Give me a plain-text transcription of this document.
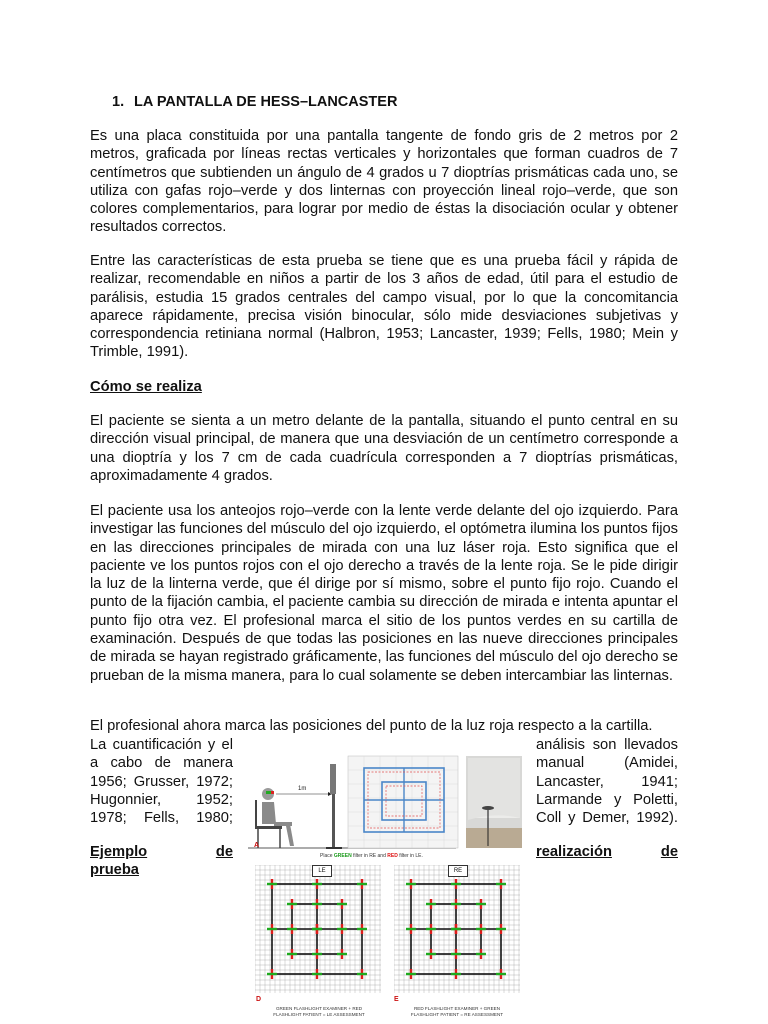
1. LA PANTALLA DE HESS–LANCASTER

Es una placa constituida por una pantalla tangente de fondo gris de 2 metros por 2 metros, graficada por líneas rectas verticales y horizontales que forman cuadros de 7 centímetros que subtienden un ángulo de 4 grados u 7 dioptrías prismáticas cada uno, se utiliza con gafas rojo–verde y dos linternas con proyección lineal rojo–verde, que son colores complementarios, para lograr por medio de éstas la disociación ocular y obtener resultados correctos.

Entre las características de esta prueba se tiene que es una prueba fácil y rápida de realizar, recomendable en niños a partir de los 3 años de edad, útil para el estudio de parálisis, estudia 15 grados centrales del campo visual, por lo que la concomitancia aparece rápidamente, precisa visión binocular, sólo mide desviaciones subjetivas y correspondencia retiniana normal (Halbron, 1953; Lancaster, 1939; Fells, 1980; Mein y Trimble, 1991).

Cómo se realiza

El paciente se sienta a un metro delante de la pantalla, situando el punto central en su dirección visual principal, de manera que una desviación de un centímetro corresponde a una dioptría y los 7 cm de cada cuadrícula corresponden a 7 dioptrías prismáticas, aproximadamente 4 grados.

El paciente usa los anteojos rojo–verde con la lente verde delante del ojo izquierdo. Para investigar las funciones del músculo del ojo izquierdo, el optómetra ilumina los puntos fijos en las direcciones principales de mirada con una luz láser roja. Esto significa que el paciente ve los puntos rojos con el ojo derecho a través de la lente roja. Se le pide dirigir la luz de la linterna verde, que él dirige por sí mismo, sobre el punto fijo rojo. Cuando el punto de la fijación cambia, el paciente cambia su dirección de mirada e intenta apuntar el punto fijo otra vez. El profesional marca el sitio de los puntos verdes en su cartilla de examinación. Después de que todas las posiciones en las nueve direcciones principales de mirada se hayan registrado gráficamente, las funciones del músculo del ojo derecho se prueban de la misma manera, para lo cual solamente se deben intercambiar las linternas.

El profesional ahora marca las posiciones del punto de la luz roja respecto a la cartilla.

La cuantificación y el
a cabo de manera
1956; Grusser, 1972;
Hugonnier, 1952;
1978; Fells, 1980;
análisis son llevados
manual (Amidei,
Lancaster, 1941;
Larmande y Poletti,
Coll y Demer, 1992).
Ejemplo	de
prueba
realización	de
A
1m
Place GREEN filter in RE and RED filter in LE.
LE	RE
D	E
GREEN FLASHLIGHT EXAMINER + RED
FLASHLIGHT PATIENT = LE ASSESSMENT
RED FLASHLIGHT EXAMINER + GREEN
FLASHLIGHT PATIENT = RE ASSESSMENT
